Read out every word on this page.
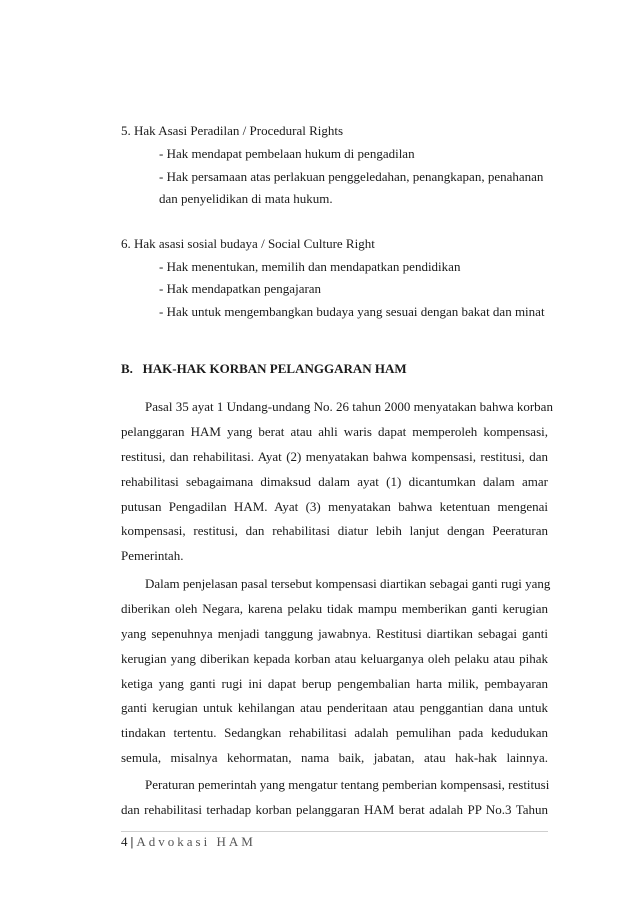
5. Hak Asasi Peradilan / Procedural Rights
- Hak mendapat pembelaan hukum di pengadilan
- Hak persamaan atas perlakuan penggeledahan, penangkapan, penahanan
dan penyelidikan di mata hukum.
6. Hak asasi sosial budaya / Social Culture Right
- Hak menentukan, memilih dan mendapatkan pendidikan
- Hak mendapatkan pengajaran
- Hak untuk mengembangkan budaya yang sesuai dengan bakat dan minat
B.   HAK-HAK KORBAN PELANGGARAN HAM
Pasal 35 ayat 1 Undang-undang No. 26 tahun 2000 menyatakan bahwa korban
pelanggaran HAM yang berat atau ahli waris dapat memperoleh kompensasi,
restitusi, dan rehabilitasi. Ayat (2) menyatakan bahwa kompensasi, restitusi, dan
rehabilitasi sebagaimana dimaksud dalam ayat (1) dicantumkan dalam amar
putusan Pengadilan HAM. Ayat (3) menyatakan bahwa ketentuan mengenai
kompensasi, restitusi, dan rehabilitasi diatur lebih lanjut dengan Peeraturan
Pemerintah.
Dalam penjelasan pasal tersebut kompensasi diartikan sebagai ganti rugi yang
diberikan oleh Negara, karena pelaku tidak mampu memberikan ganti kerugian
yang sepenuhnya menjadi tanggung jawabnya. Restitusi diartikan sebagai ganti
kerugian yang diberikan kepada korban atau keluarganya oleh pelaku atau pihak
ketiga yang ganti rugi ini dapat berup pengembalian harta milik, pembayaran
ganti kerugian untuk kehilangan atau penderitaan atau penggantian dana untuk
tindakan tertentu. Sedangkan rehabilitasi adalah pemulihan pada kedudukan
semula, misalnya kehormatan, nama baik, jabatan, atau hak-hak lainnya.
Peraturan pemerintah yang mengatur tentang pemberian kompensasi, restitusi
dan rehabilitasi terhadap korban pelanggaran HAM berat adalah PP No.3 Tahun
4 | Advokasi HAM
